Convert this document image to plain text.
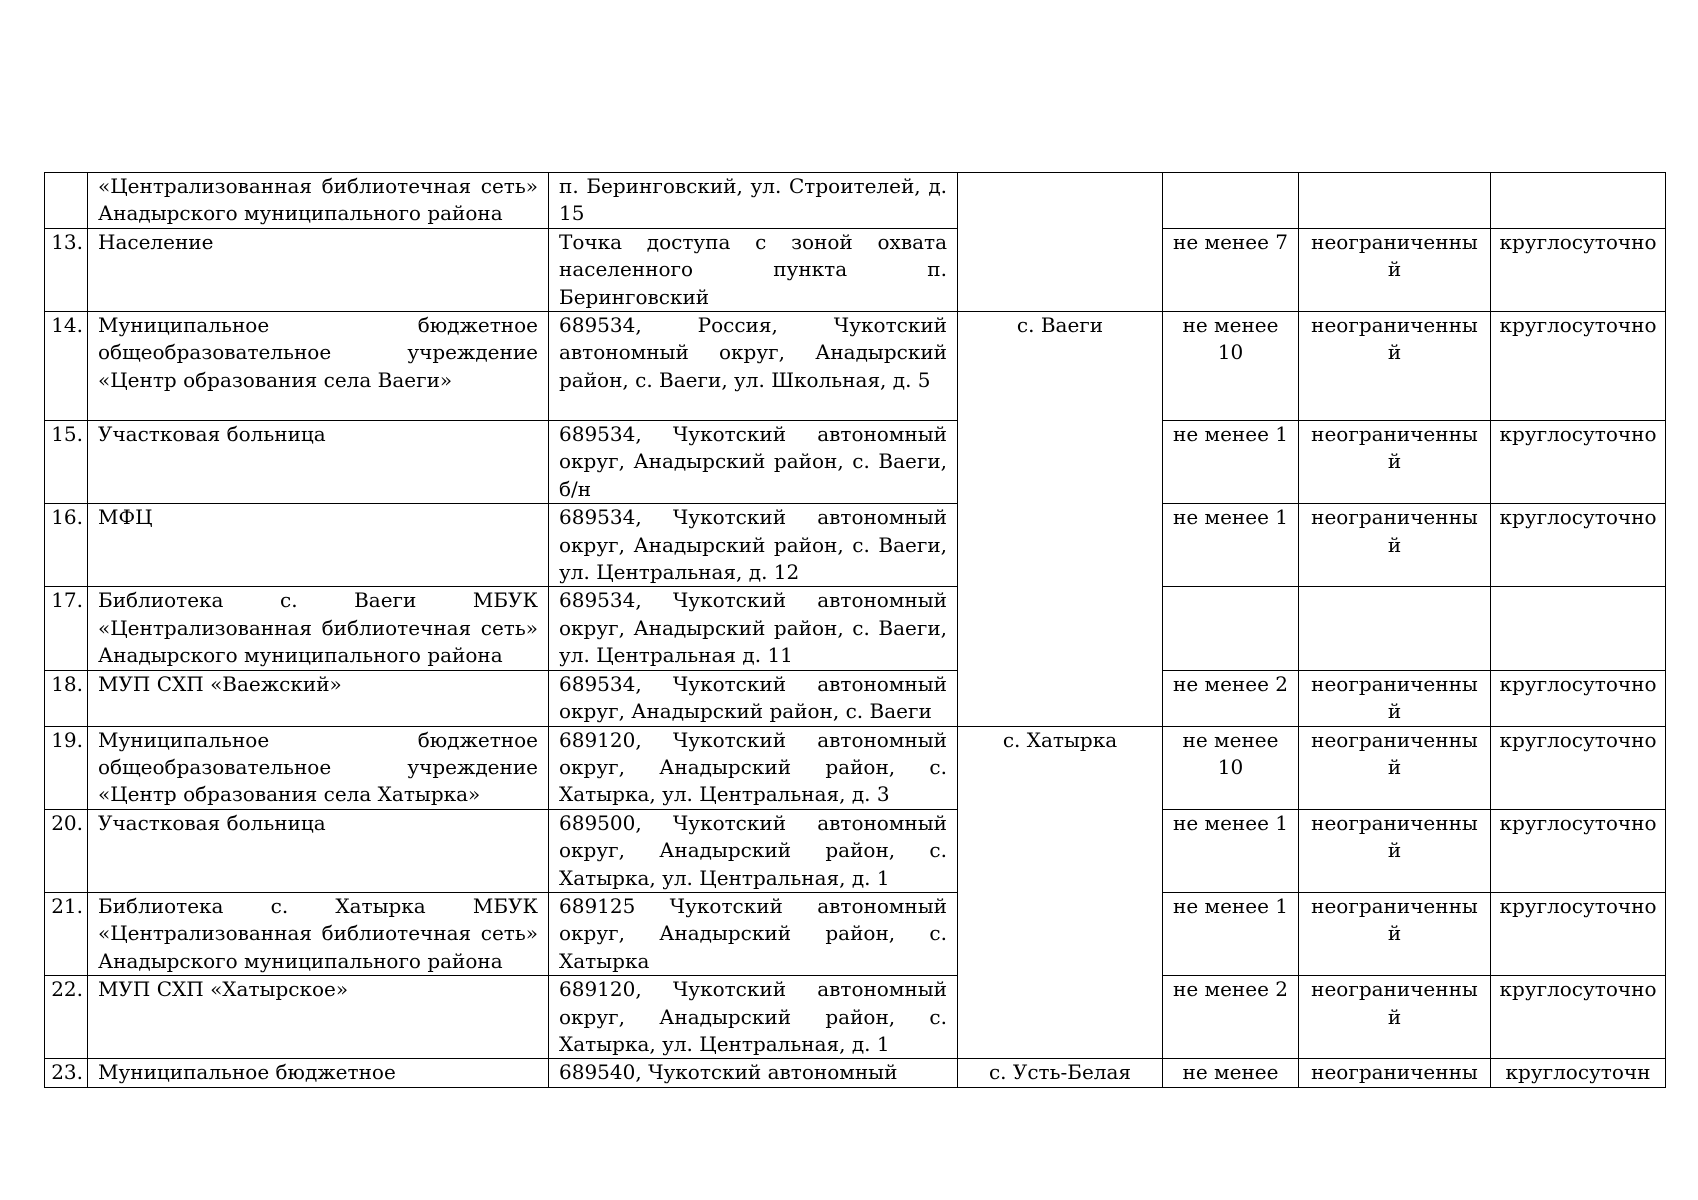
	«Централизованная библиотечная сеть» Анадырского муниципального района	п. Беринговский, ул. Строителей, д. 15				
13.	Население	Точка доступа с зоной охвата населенного пункта п. Беринговский		не менее 7	неограниченный	круглосуточно
14.	Муниципальное бюджетное общеобразовательное учреждение «Центр образования села Ваеги»	689534, Россия, Чукотский автономный округ, Анадырский район, с. Ваеги, ул. Школьная, д. 5	с. Ваеги	не менее 10	неограниченный	круглосуточно
15.	Участковая больница	689534, Чукотский автономный округ, Анадырский район, с. Ваеги, б/н		не менее 1	неограниченный	круглосуточно
16.	МФЦ	689534, Чукотский автономный округ, Анадырский район, с. Ваеги, ул. Центральная, д. 12		не менее 1	неограниченный	круглосуточно
17.	Библиотека с. Ваеги МБУК «Централизованная библиотечная сеть» Анадырского муниципального района	689534, Чукотский автономный округ, Анадырский район, с. Ваеги, ул. Центральная д. 11				
18.	МУП СХП «Ваежский»	689534, Чукотский автономный округ, Анадырский район, с. Ваеги		не менее 2	неограниченный	круглосуточно
19.	Муниципальное бюджетное общеобразовательное учреждение «Центр образования села Хатырка»	689120, Чукотский автономный округ, Анадырский район, с. Хатырка, ул. Центральная, д. 3	с. Хатырка	не менее 10	неограниченный	круглосуточно
20.	Участковая больница	689500, Чукотский автономный округ, Анадырский район, с. Хатырка, ул. Центральная, д. 1		не менее 1	неограниченный	круглосуточно
21.	Библиотека с. Хатырка МБУК «Централизованная библиотечная сеть» Анадырского муниципального района	689125 Чукотский автономный округ, Анадырский район, с. Хатырка		не менее 1	неограниченный	круглосуточно
22.	МУП СХП «Хатырское»	689120, Чукотский автономный округ, Анадырский район, с. Хатырка, ул. Центральная, д. 1		не менее 2	неограниченный	круглосуточно
23.	Муниципальное бюджетное	689540, Чукотский автономный	с. Усть-Белая	не менее	неограниченны	круглосуточн
